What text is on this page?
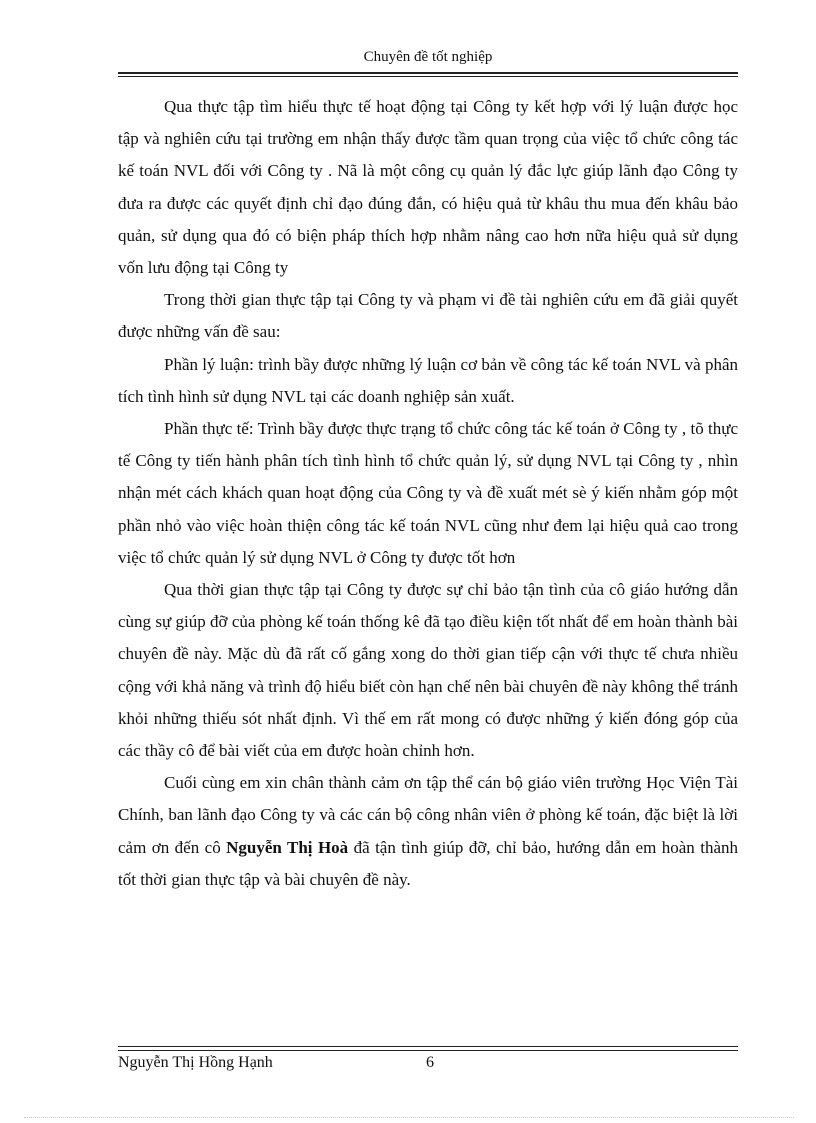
Chuyên đề tốt nghiệp

Qua thực tập tìm hiểu thực tế hoạt động tại Công ty kết hợp với lý luận được học tập và nghiên cứu tại trường em nhận thấy được tầm quan trọng của việc tổ chức công tác kế toán NVL đối với Công ty . Nã là một công cụ quản lý đắc lực giúp lãnh đạo Công ty đưa ra được các quyết định chỉ đạo đúng đắn, có hiệu quả từ khâu thu mua đến khâu bảo quản, sử dụng qua đó có biện pháp thích hợp nhằm nâng cao hơn nữa hiệu quả sử dụng vốn lưu động tại Công ty

Trong thời gian thực tập tại Công ty và phạm vi đề tài nghiên cứu em đã giải quyết được những vấn đề sau:

Phần lý luận: trình bầy được những lý luận cơ bản về công tác kế toán NVL và phân tích tình hình sử dụng NVL tại các doanh nghiệp sản xuất.

Phần thực tế: Trình bầy được thực trạng tổ chức công tác kế toán ở Công ty , tõ thực tế Công ty tiến hành phân tích tình hình tổ chức quản lý, sử dụng NVL tại Công ty , nhìn nhận mét cách khách quan hoạt động của Công ty và đề xuất mét sè ý kiến nhằm góp một phần nhỏ vào việc hoàn thiện công tác kế toán NVL cũng như đem lại hiệu quả cao trong việc tổ chức quản lý sử dụng NVL ở Công ty được tốt hơn

Qua thời gian thực tập tại Công ty được sự chỉ bảo tận tình của cô giáo hướng dẫn cùng sự giúp đỡ của phòng kế toán thống kê đã tạo điều kiện tốt nhất để em hoàn thành bài chuyên đề này. Mặc dù đã rất cố gắng xong do thời gian tiếp cận với thực tế chưa nhiều cộng với khả năng và trình độ hiểu biết còn hạn chế nên bài chuyên đề này không thể tránh khỏi những thiếu sót nhất định. Vì thế em rất mong có được những ý kiến đóng góp của các thầy cô để bài viết của em được hoàn chỉnh hơn.

Cuối cùng em xin chân thành cảm ơn tập thể cán bộ giáo viên trường Học Viện Tài Chính, ban lãnh đạo Công ty và các cán bộ công nhân viên ở phòng kế toán, đặc biệt là lời cảm ơn đến cô Nguyễn Thị Hoà đã tận tình giúp đỡ, chỉ bảo, hướng dẫn em hoàn thành tốt thời gian thực tập và bài chuyên đề này.

Nguyễn Thị Hồng Hạnh	6
